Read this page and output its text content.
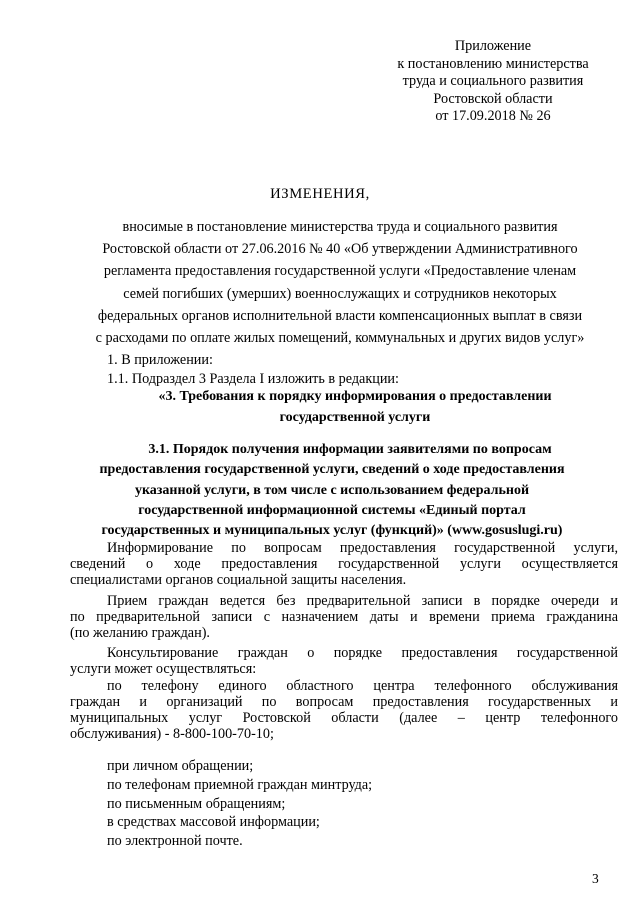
Приложение
к постановлению министерства
труда и социального развития
Ростовской области
от 17.09.2018 № 26
ИЗМЕНЕНИЯ,
вносимые в постановление министерства труда и социального развития
Ростовской области от 27.06.2016 № 40 «Об утверждении Административного
регламента предоставления государственной услуги «Предоставление членам
семей погибших (умерших) военнослужащих и сотрудников некоторых
федеральных органов исполнительной власти компенсационных выплат в связи
с расходами по оплате жилых помещений, коммунальных и других видов услуг»
1. В приложении:
1.1. Подраздел 3 Раздела I изложить в редакции:
«3. Требования к порядку информирования о предоставлении
государственной услуги
3.1. Порядок получения информации заявителями по вопросам
предоставления государственной услуги, сведений о ходе предоставления
указанной услуги, в том числе с использованием федеральной
государственной информационной системы «Единый портал
государственных и муниципальных услуг (функций)» (www.gosuslugi.ru)

Информирование по вопросам предоставления государственной услуги,
сведений о ходе предоставления государственной услуги осуществляется
специалистами органов социальной защиты населения.

Прием граждан ведется без предварительной записи в порядке очереди и
по предварительной записи с назначением даты и времени приема гражданина
(по желанию граждан).

Консультирование граждан о порядке предоставления государственной
услуги может осуществляться:

по телефону единого областного центра телефонного обслуживания
граждан и организаций по вопросам предоставления государственных и
муниципальных услуг Ростовской области (далее – центр телефонного
обслуживания) - 8-800-100-70-10;

при личном обращении;
по телефонам приемной граждан минтруда;
по письменным обращениям;
в средствах массовой информации;
по электронной почте.
3
